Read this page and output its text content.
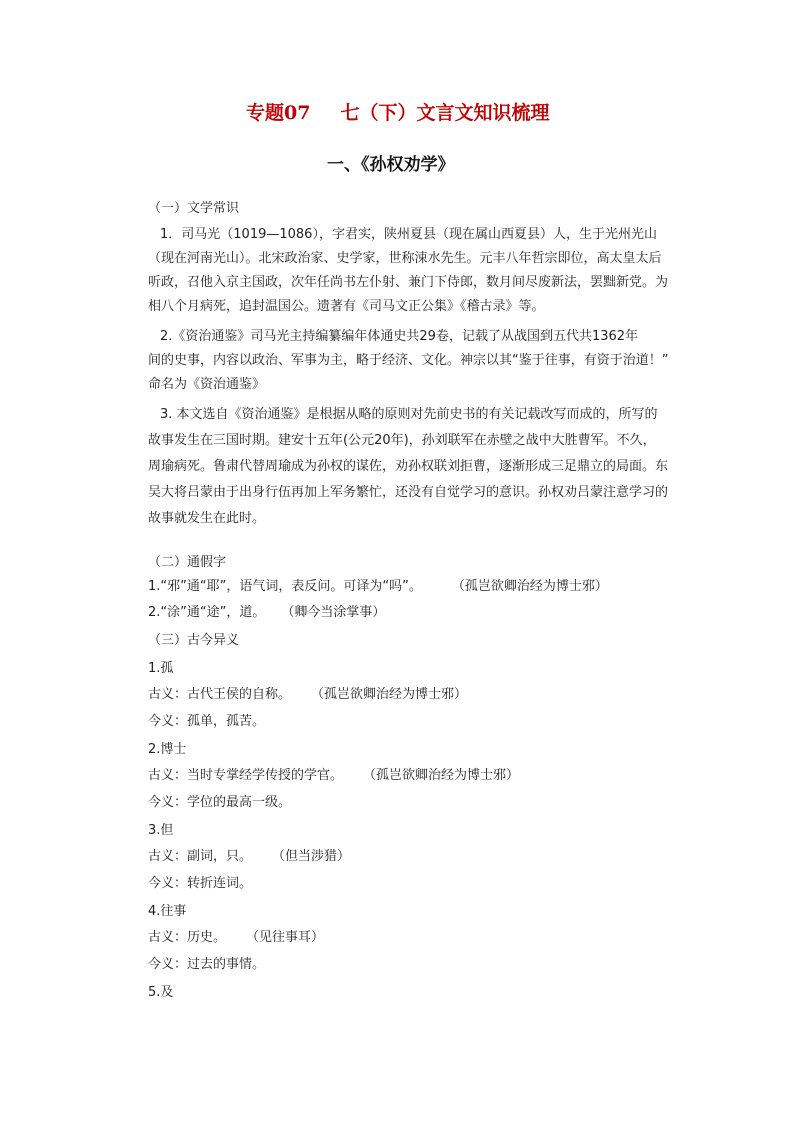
专题07 七（下）文言文知识梳理
一、《孙权劝学》
（一）文学常识
1．司马光（1019—1086），字君实，陕州夏县（现在属山西夏县）人，生于光州光山
（现在河南光山）。北宋政治家、史学家，世称涑水先生。元丰八年哲宗即位，高太皇太后
听政，召他入京主国政，次年任尚书左仆射、兼门下侍郎，数月间尽废新法，罢黜新党。为
相八个月病死，追封温国公。遗著有《司马文正公集》《稽古录》等。
2.《资治通鉴》司马光主持编纂编年体通史共29卷，记载了从战国到五代共1362年
间的史事，内容以政治、军事为主，略于经济、文化。神宗以其“鉴于往事，有资于治道！”
命名为《资治通鉴》
3. 本文选自《资治通鉴》是根据从略的原则对先前史书的有关记载改写而成的，所写的
故事发生在三国时期。建安十五年(公元20年)，孙刘联军在赤壁之战中大胜曹军。不久，
周瑜病死。鲁肃代替周瑜成为孙权的谋佐，劝孙权联刘拒曹，逐渐形成三足鼎立的局面。东
吴大将吕蒙由于出身行伍再加上军务繁忙，还没有自觉学习的意识。孙权劝吕蒙注意学习的
故事就发生在此时。
（二）通假字
1.“邪”通“耶”，语气词，表反问。可译为“吗”。 （孤岂欲卿治经为博士邪）
2.“涂”通“途”，道。 （卿今当涂掌事）
（三）古今异义
1.孤
古义：古代王侯的自称。 （孤岂欲卿治经为博士邪）
今义：孤单，孤苦。
2.博士
古义：当时专掌经学传授的学官。 （孤岂欲卿治经为博士邪）
今义：学位的最高一级。
3.但
古义：副词，只。 （但当涉猎）
今义：转折连词。
4.往事
古义：历史。 （见往事耳）
今义：过去的事情。
5.及
